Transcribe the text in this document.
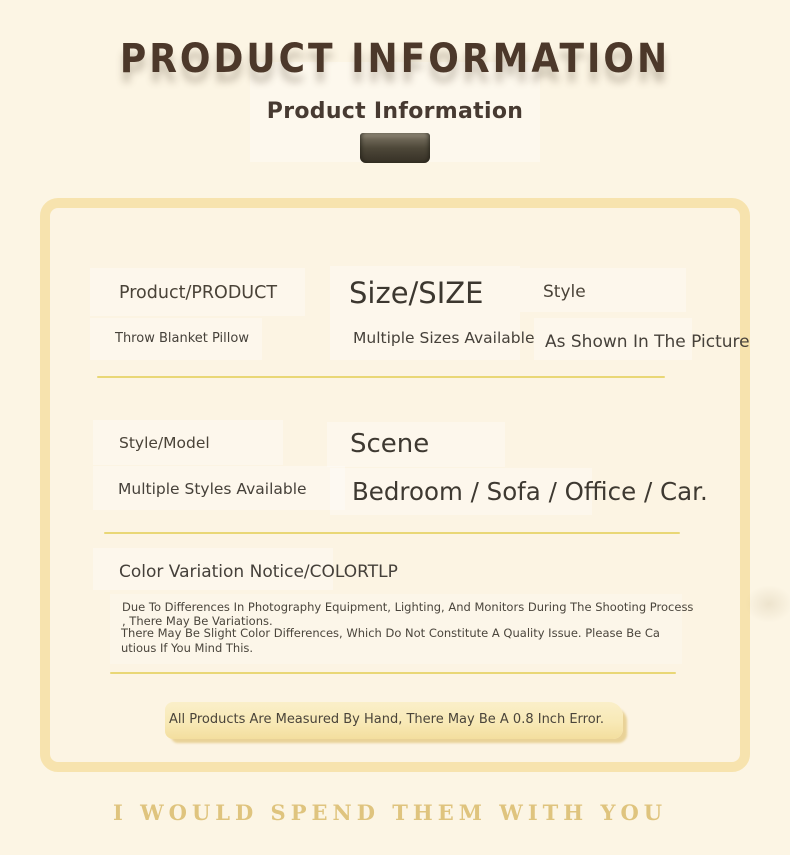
PRODUCT INFORMATION
Product Information
Product/PRODUCT
Throw Blanket Pillow
Size/SIZE
Multiple Sizes Available
Style
As Shown In The Picture
Style/Model
Multiple Styles Available
Scene
Bedroom / Sofa / Office / Car.
Color Variation Notice/COLORTLP
Due To Differences In Photography Equipment, Lighting, And Monitors During The Shooting Process
, There May Be Variations.
There May Be Slight Color Differences, Which Do Not Constitute A Quality Issue. Please Be Ca
utious If You Mind This.
All Products Are Measured By Hand, There May Be A 0.8 Inch Error.
I WOULD SPEND THEM WITH YOU
